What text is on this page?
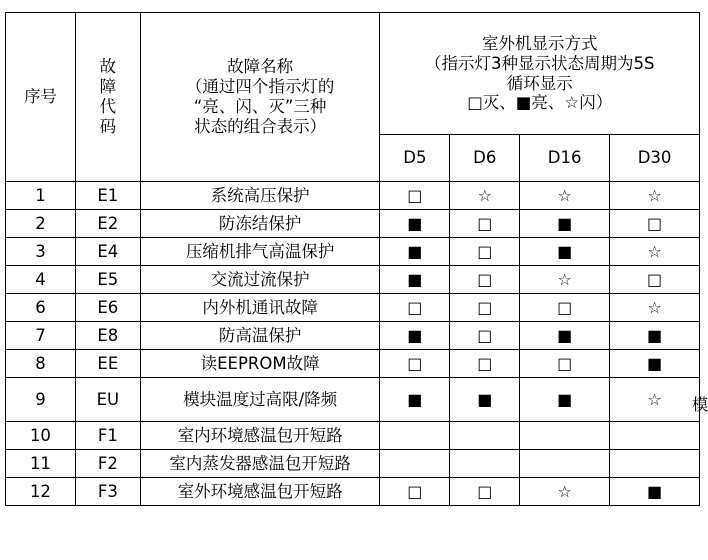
序号	故
障
代
码	故障名称
（通过四个指示灯的
“亮、闪、灭”三种
状态的组合表示）	室外机显示方式
（指示灯3种显示状态周期为5S
循环显示
□灭、■亮、☆闪）			

			D5	D6	D16	D30
1	E1	系统高压保护	□	☆	☆	☆
2	E2	防冻结保护	■	□	■	□
3	E4	压缩机排气高温保护	■	□	■	☆
4	E5	交流过流保护	■	□	☆	□
6	E6	内外机通讯故障	□	□	□	☆
7	E8	防高温保护	■	□	■	■
8	EE	读EEPROM故障	□	□	□	■
9	EU	模块温度过高限/降频	■	■	■	☆
10	F1	室内环境感温包开短路				
11	F2	室内蒸发器感温包开短路				
12	F3	室外环境感温包开短路	□	□	☆	■
模
